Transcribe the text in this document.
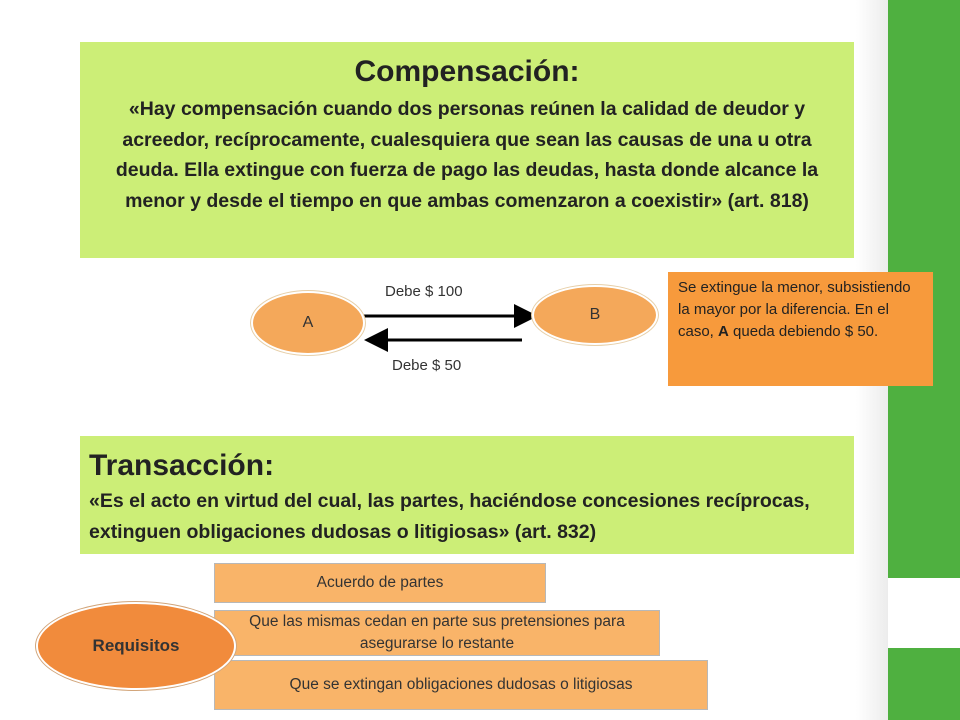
Compensación:
«Hay compensación cuando dos personas reúnen la calidad de deudor y acreedor, recíprocamente, cualesquiera que sean las causas de una u otra deuda. Ella extingue con fuerza de pago las deudas, hasta donde alcance la menor y desde el tiempo en que ambas comenzaron a coexistir» (art. 818)
A	B
Debe $ 100
Debe $ 50
Se extingue la menor, subsistiendo la mayor por la diferencia. En el caso, A queda debiendo $ 50.
Transacción:
«Es el acto en virtud del cual, las partes, haciéndose concesiones recíprocas, extinguen obligaciones dudosas o litigiosas» (art. 832)
Acuerdo de partes
Que las mismas cedan en parte sus pretensiones para asegurarse lo restante
Que se extingan obligaciones dudosas o litigiosas
Requisitos
